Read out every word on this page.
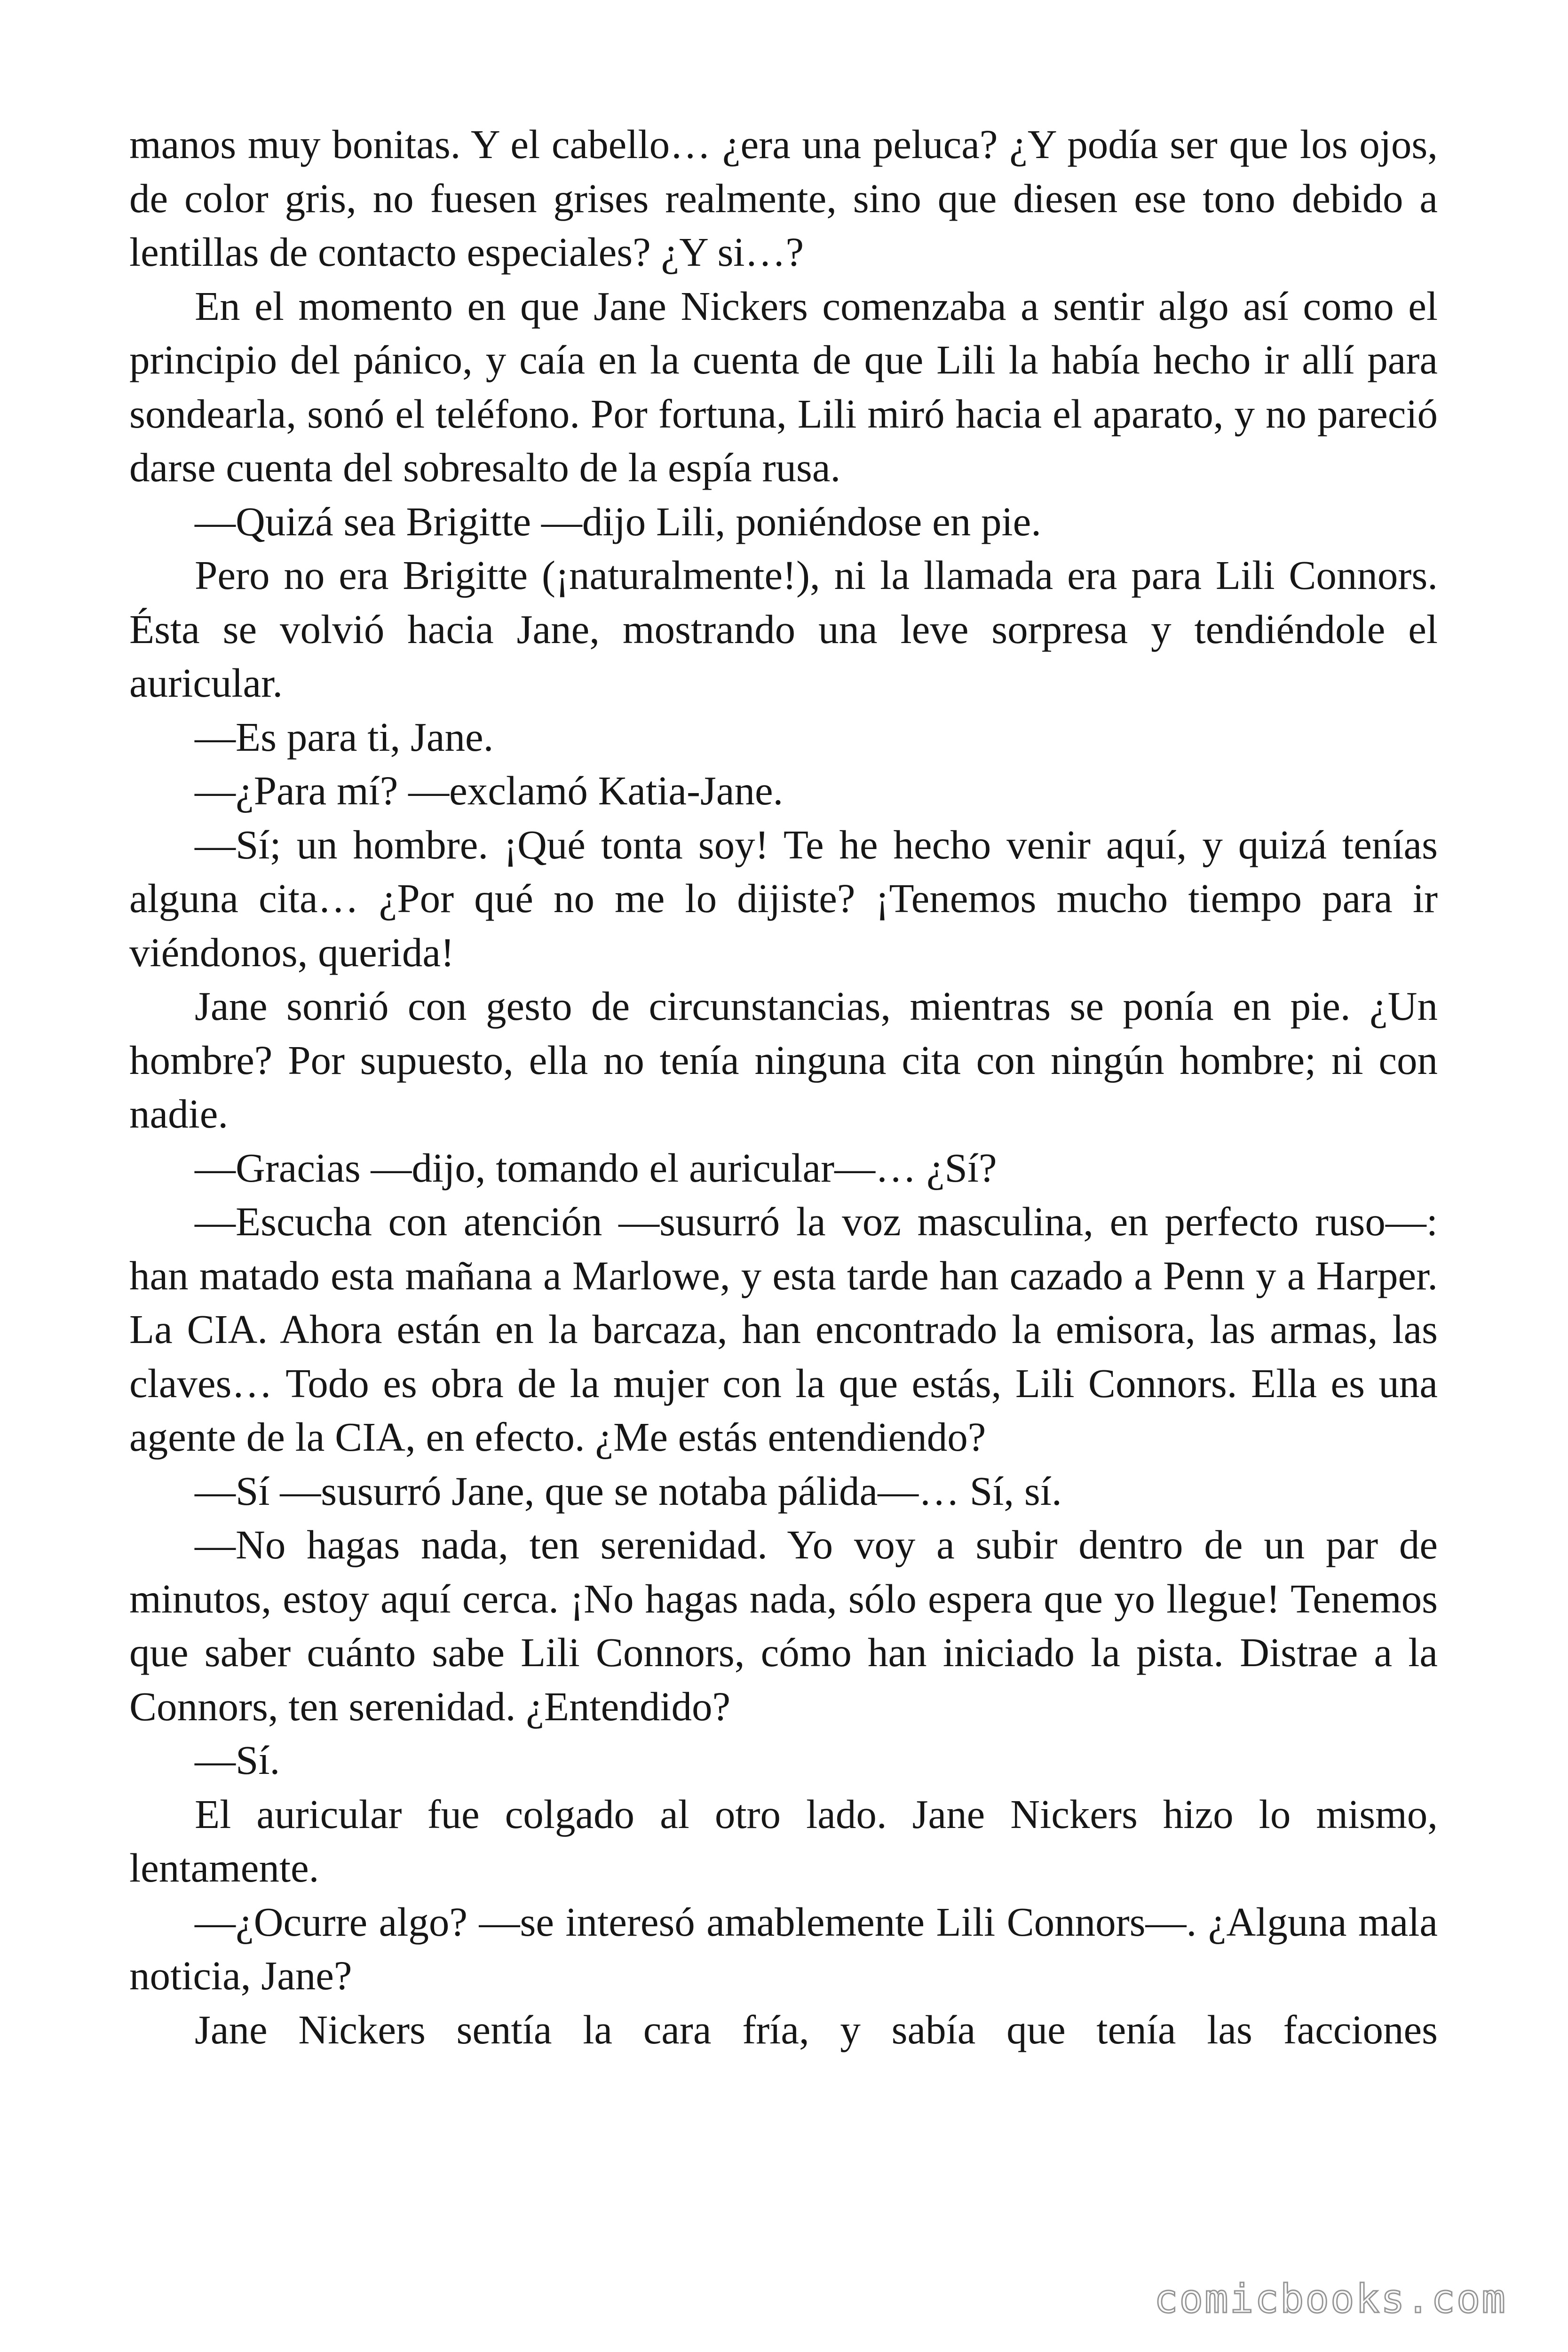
manos muy bonitas. Y el cabello… ¿era una peluca? ¿Y podía ser que los ojos, de color gris, no fuesen grises realmente, sino que diesen ese tono debido a lentillas de contacto especiales? ¿Y si…?

En el momento en que Jane Nickers comenzaba a sentir algo así como el principio del pánico, y caía en la cuenta de que Lili la había hecho ir allí para sondearla, sonó el teléfono. Por fortuna, Lili miró hacia el aparato, y no pareció darse cuenta del sobresalto de la espía rusa.

—Quizá sea Brigitte —dijo Lili, poniéndose en pie.

Pero no era Brigitte (¡naturalmente!), ni la llamada era para Lili Connors. Ésta se volvió hacia Jane, mostrando una leve sorpresa y tendiéndole el auricular.

—Es para ti, Jane.

—¿Para mí? —exclamó Katia-Jane.

—Sí; un hombre. ¡Qué tonta soy! Te he hecho venir aquí, y quizá tenías alguna cita… ¿Por qué no me lo dijiste? ¡Tenemos mucho tiempo para ir viéndonos, querida!

Jane sonrió con gesto de circunstancias, mientras se ponía en pie. ¿Un hombre? Por supuesto, ella no tenía ninguna cita con ningún hombre; ni con nadie.

—Gracias —dijo, tomando el auricular—… ¿Sí?

—Escucha con atención —susurró la voz masculina, en perfecto ruso—: han matado esta mañana a Marlowe, y esta tarde han cazado a Penn y a Harper. La CIA. Ahora están en la barcaza, han encontrado la emisora, las armas, las claves… Todo es obra de la mujer con la que estás, Lili Connors. Ella es una agente de la CIA, en efecto. ¿Me estás entendiendo?

—Sí —susurró Jane, que se notaba pálida—… Sí, sí.

—No hagas nada, ten serenidad. Yo voy a subir dentro de un par de minutos, estoy aquí cerca. ¡No hagas nada, sólo espera que yo llegue! Tenemos que saber cuánto sabe Lili Connors, cómo han iniciado la pista. Distrae a la Connors, ten serenidad. ¿Entendido?

—Sí.

El auricular fue colgado al otro lado. Jane Nickers hizo lo mismo, lentamente.

—¿Ocurre algo? —se interesó amablemente Lili Connors—. ¿Alguna mala noticia, Jane?

Jane Nickers sentía la cara fría, y sabía que tenía las facciones

comicbooks.com
